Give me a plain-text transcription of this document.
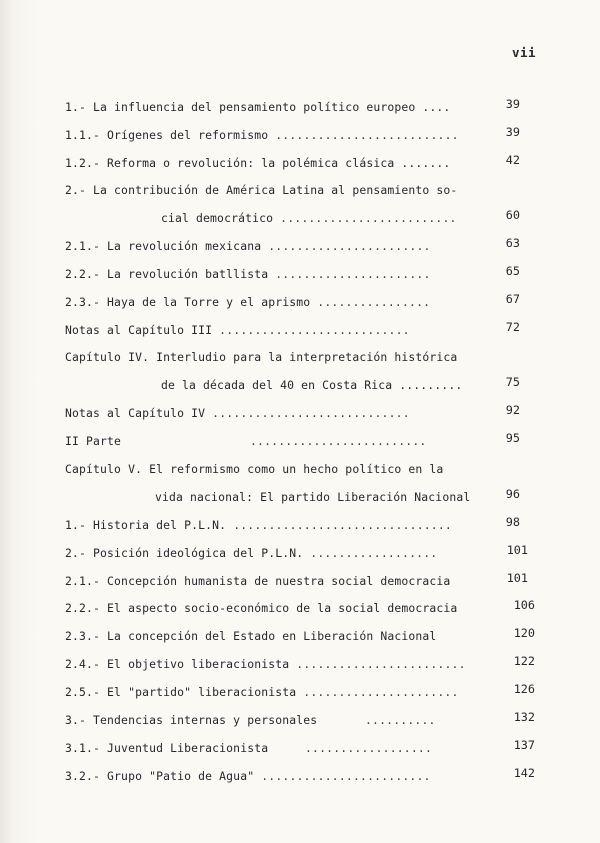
vii
1.- La influencia del pensamiento político europeo ....	39
1.1.- Orígenes del reformismo ..........................	39
1.2.- Reforma o revolución: la polémica clásica .......	42
2.- La contribución de América Latina al pensamiento so-
cial democrático .........................	60
2.1.- La revolución mexicana .......................	63
2.2.- La revolución batllista ......................	65
2.3.- Haya de la Torre y el aprismo ................	67
Notas al Capítulo III ...........................	72
Capítulo IV. Interludio para la interpretación histórica
de la década del 40 en Costa Rica .........	75
Notas al Capítulo IV ............................	92
II Parte	.........................	95
Capítulo V. El reformismo como un hecho político en la
vida nacional: El partido Liberación Nacional	96
1.- Historia del P.L.N. ...............................	98
2.- Posición ideológica del P.L.N. ..................	101
2.1.- Concepción humanista de nuestra social democracia	101
2.2.- El aspecto socio-económico de la social democracia	106
2.3.- La concepción del Estado en Liberación Nacional	120
2.4.- El objetivo liberacionista ........................	122
2.5.- El "partido" liberacionista ......................	126
3.- Tendencias internas y personales	..........	132
3.1.- Juventud Liberacionista	..................	137
3.2.- Grupo "Patio de Agua" ........................	142
